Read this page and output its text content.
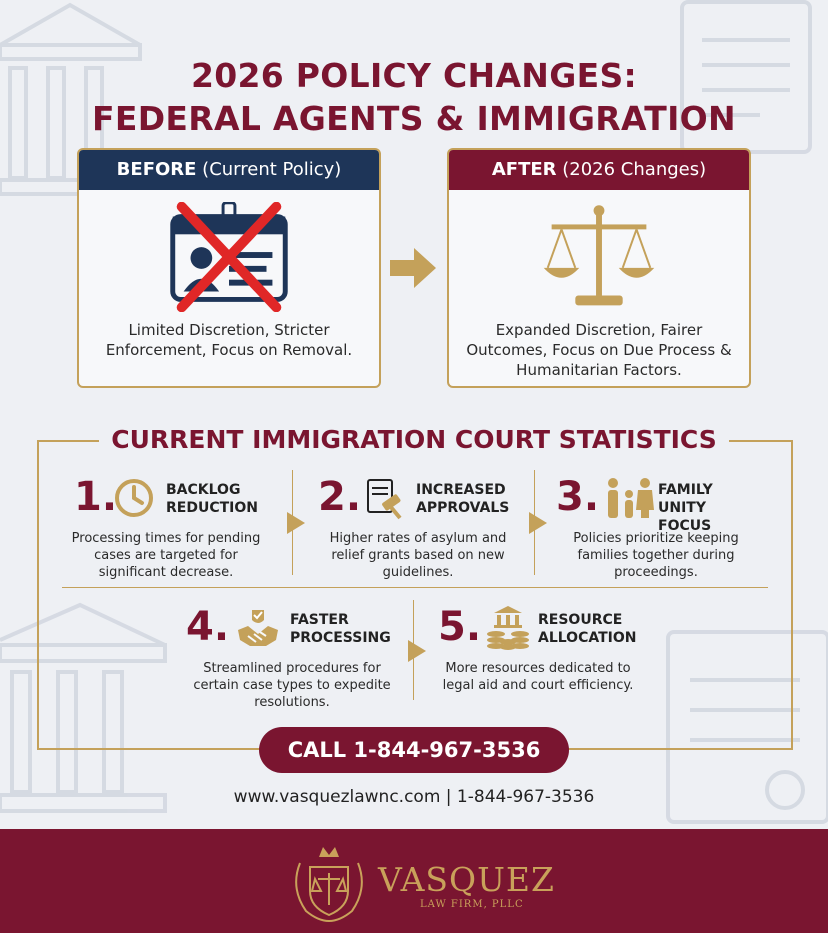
2026 POLICY CHANGES:
FEDERAL AGENTS & IMMIGRATION
BEFORE (Current Policy)
Limited Discretion, Stricter Enforcement, Focus on Removal.
AFTER (2026 Changes)
Expanded Discretion, Fairer Outcomes, Focus on Due Process & Humanitarian Factors.
CURRENT IMMIGRATION COURT STATISTICS
1.	BACKLOG
REDUCTION
Processing times for pending cases are targeted for significant decrease.
2.	INCREASED
APPROVALS
Higher rates of asylum and relief grants based on new guidelines.
3.	FAMILY
UNITY FOCUS
Policies prioritize keeping families together during proceedings.
4.	FASTER
PROCESSING
Streamlined procedures for certain case types to expedite resolutions.
5.	RESOURCE
ALLOCATION
More resources dedicated to legal aid and court efficiency.
CALL 1-844-967-3536
www.vasquezlawnc.com | 1-844-967-3536
VASQUEZ
LAW FIRM, PLLC
